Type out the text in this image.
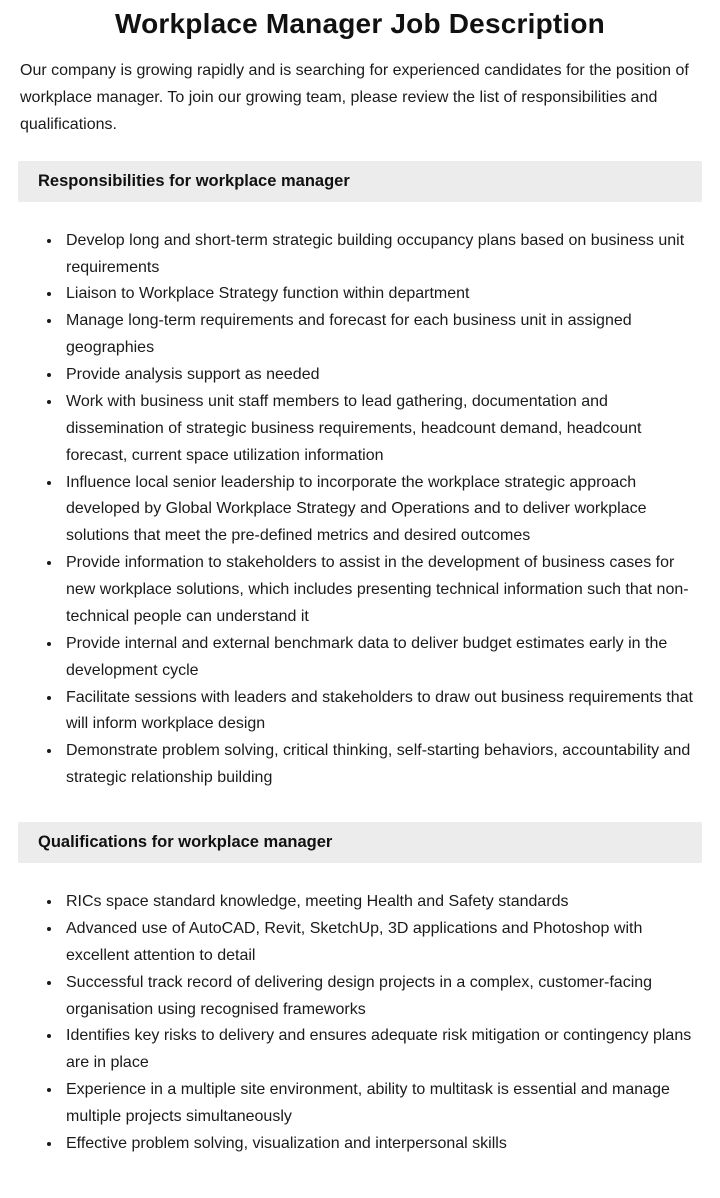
Workplace Manager Job Description

Our company is growing rapidly and is searching for experienced candidates for the position of workplace manager. To join our growing team, please review the list of responsibilities and qualifications.

Responsibilities for workplace manager
• Develop long and short-term strategic building occupancy plans based on business unit requirements
• Liaison to Workplace Strategy function within department
• Manage long-term requirements and forecast for each business unit in assigned geographies
• Provide analysis support as needed
• Work with business unit staff members to lead gathering, documentation and dissemination of strategic business requirements, headcount demand, headcount forecast, current space utilization information
• Influence local senior leadership to incorporate the workplace strategic approach developed by Global Workplace Strategy and Operations and to deliver workplace solutions that meet the pre-defined metrics and desired outcomes
• Provide information to stakeholders to assist in the development of business cases for new workplace solutions, which includes presenting technical information such that non-technical people can understand it
• Provide internal and external benchmark data to deliver budget estimates early in the development cycle
• Facilitate sessions with leaders and stakeholders to draw out business requirements that will inform workplace design
• Demonstrate problem solving, critical thinking, self-starting behaviors, accountability and strategic relationship building
Qualifications for workplace manager
• RICs space standard knowledge, meeting Health and Safety standards
• Advanced use of AutoCAD, Revit, SketchUp, 3D applications and Photoshop with excellent attention to detail
• Successful track record of delivering design projects in a complex, customer-facing organisation using recognised frameworks
• Identifies key risks to delivery and ensures adequate risk mitigation or contingency plans are in place
• Experience in a multiple site environment, ability to multitask is essential and manage multiple projects simultaneously
• Effective problem solving, visualization and interpersonal skills
